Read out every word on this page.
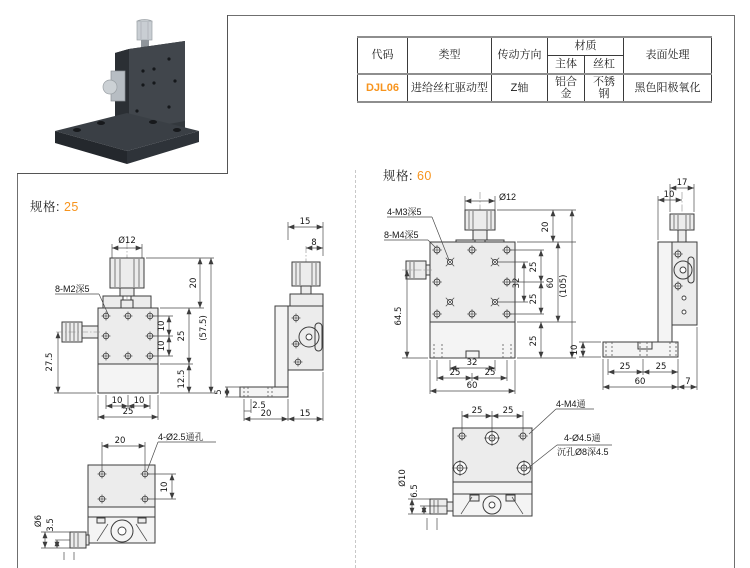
代码	类型	传动方向	材质		表面处理
			主体	丝杠	
DJL06	进给丝杠驱动型	Z轴	铝合金	不锈钢	黑色阳极氧化
规格: 25
规格: 60
Ø12
8-M2深5
27.5
20
10
10
25
12.5
(57.5)
10 10
25
15
8
5
2.5
20	15
20	4-Ø2.5通孔
10
Ø6 3.5
Ø12
4-M3深5
8-M4深5
64.5
20
32
25
25
60 (105)
25
32
25	25
60
17
10
10
25	25
60	7
25 25
4-M4通
4-Ø4.5通
沉孔Ø8深4.5
Ø10
6.5
